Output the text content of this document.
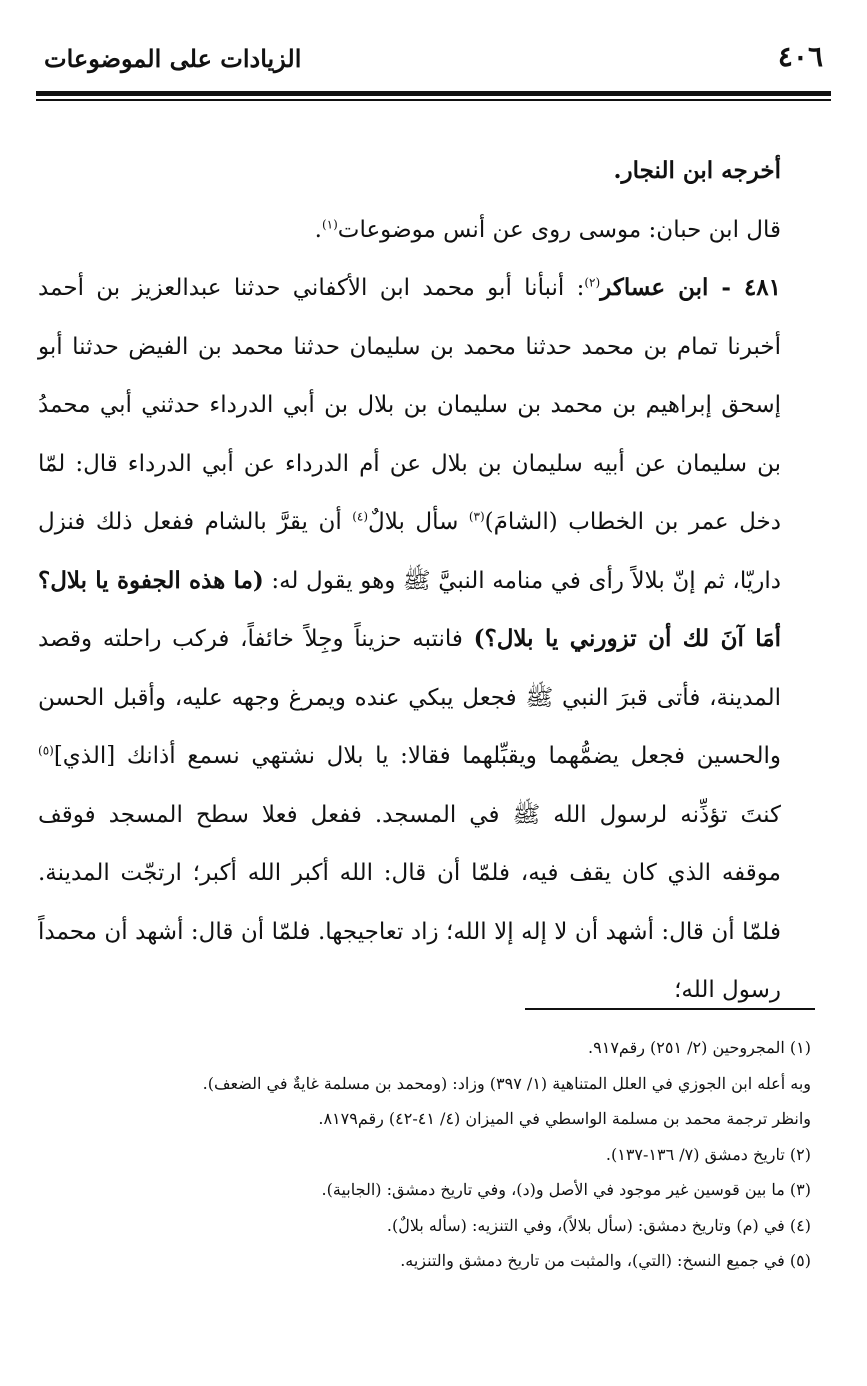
٤٠٦
الزيادات على الموضوعات

أخرجه ابن النجار.

قال ابن حبان: موسى روى عن أنس موضوعات$^{(١)}$.

٤٨١ - ابن عساكر$^{(٢)}$: أنبأنا أبو محمد ابن الأكفاني حدثنا عبدالعزيز بن أحمد أخبرنا تمام بن محمد حدثنا محمد بن سليمان حدثنا محمد بن الفيض حدثنا أبو إسحق إبراهيم بن محمد بن سليمان بن بلال بن أبي الدرداء حدثني أبي محمدُ بن سليمان عن أبيه سليمان بن بلال عن أم الدرداء عن أبي الدرداء قال: لمّا دخل عمر بن الخطاب (الشامَ)$^{(٣)}$ سأل بلالٌ$^{(٤)}$ أن يقرَّ بالشام ففعل ذلك فنزل داريّا، ثم إنّ بلالاً رأى في منامه النبيَّ ﷺ وهو يقول له: (ما هذه الجفوة يا بلال؟ أمَا آنَ لك أن تزورني يا بلال؟) فانتبه حزيناً وجِلاً خائفاً، فركب راحلته وقصد المدينة، فأتى قبرَ النبي ﷺ فجعل يبكي عنده ويمرغ وجهه عليه، وأقبل الحسن والحسين فجعل يضمُّهما ويقبِّلهما فقالا: يا بلال نشتهي نسمع أذانك [الذي]$^{(٥)}$ كنتَ تؤذِّنه لرسول الله ﷺ في المسجد. ففعل فعلا سطح المسجد فوقف موقفه الذي كان يقف فيه، فلمّا أن قال: الله أكبر الله أكبر؛ ارتجّت المدينة. فلمّا أن قال: أشهد أن لا إله إلا الله؛ زاد تعاجيجها. فلمّا أن قال: أشهد أن محمداً رسول الله؛

(١) المجروحين (٢/ ٢٥١) رقم٩١٧.

وبه أعله ابن الجوزي في العلل المتناهية (١/ ٣٩٧) وزاد: (ومحمد بن مسلمة غايةٌ في الضعف).

وانظر ترجمة محمد بن مسلمة الواسطي في الميزان (٤/ ٤١-٤٢) رقم٨١٧٩.

(٢) تاريخ دمشق (٧/ ١٣٦-١٣٧).

(٣) ما بين قوسين غير موجود في الأصل و(د)، وفي تاريخ دمشق: (الجابية).

(٤) في (م) وتاريخ دمشق: (سأل بلالاً)، وفي التنزيه: (سأله بلالٌ).

(٥) في جميع النسخ: (التي)، والمثبت من تاريخ دمشق والتنزيه.
